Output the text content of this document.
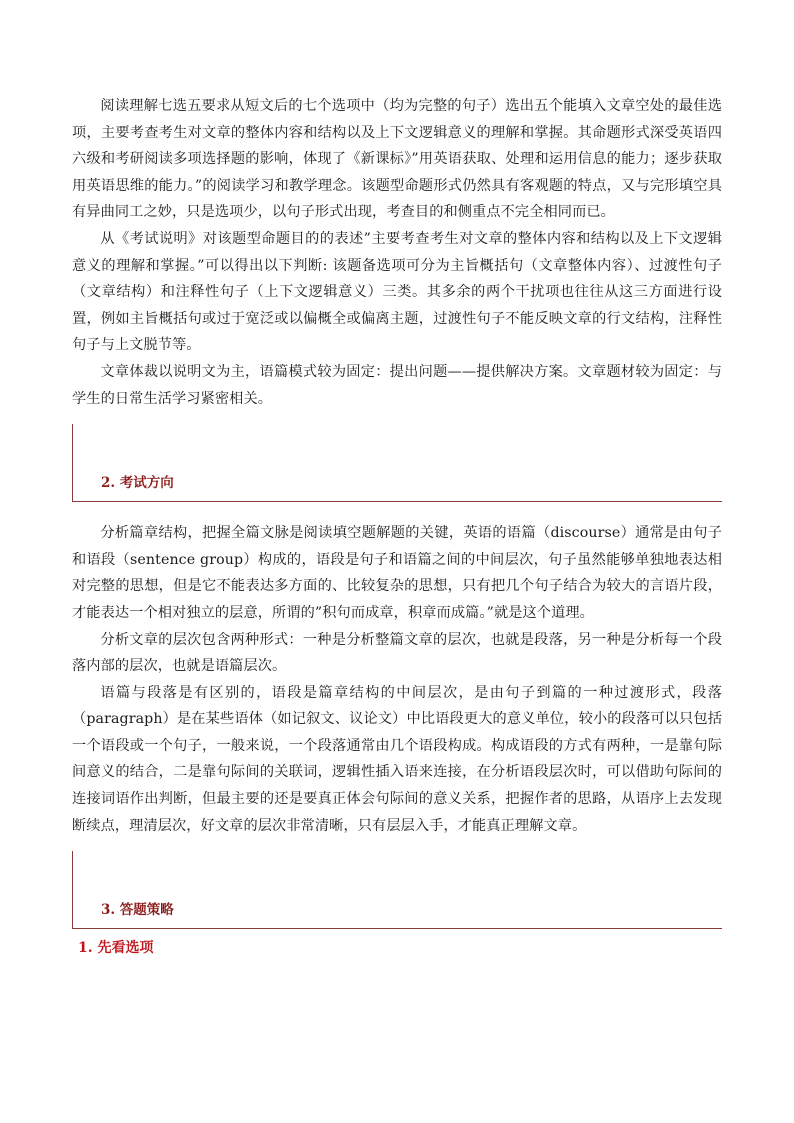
阅读理解七选五要求从短文后的七个选项中（均为完整的句子）选出五个能填入文章空处的最佳选项，主要考查考生对文章的整体内容和结构以及上下文逻辑意义的理解和掌握。其命题形式深受英语四六级和考研阅读多项选择题的影响，体现了《新课标》”用英语获取、处理和运用信息的能力；逐步获取用英语思维的能力。”的阅读学习和教学理念。该题型命题形式仍然具有客观题的特点，又与完形填空具有异曲同工之妙，只是选项少，以句子形式出现，考查目的和侧重点不完全相同而已。

从《考试说明》对该题型命题目的的表述”主要考查考生对文章的整体内容和结构以及上下文逻辑意义的理解和掌握。”可以得出以下判断: 该题备选项可分为主旨概括句（文章整体内容）、过渡性句子（文章结构）和注释性句子（上下文逻辑意义）三类。其多余的两个干扰项也往往从这三方面进行设置，例如主旨概括句或过于宽泛或以偏概全或偏离主题，过渡性句子不能反映文章的行文结构，注释性句子与上文脱节等。

文章体裁以说明文为主，语篇模式较为固定：提出问题——提供解决方案。文章题材较为固定：与学生的日常生活学习紧密相关。

2. 考试方向

分析篇章结构，把握全篇文脉是阅读填空题解题的关键，英语的语篇（discourse）通常是由句子和语段（sentence group）构成的，语段是句子和语篇之间的中间层次，句子虽然能够单独地表达相对完整的思想，但是它不能表达多方面的、比较复杂的思想，只有把几个句子结合为较大的言语片段，才能表达一个相对独立的层意，所谓的”积句而成章，积章而成篇。”就是这个道理。

分析文章的层次包含两种形式：一种是分析整篇文章的层次，也就是段落，另一种是分析每一个段落内部的层次，也就是语篇层次。

语篇与段落是有区别的，语段是篇章结构的中间层次，是由句子到篇的一种过渡形式，段落（paragraph）是在某些语体（如记叙文、议论文）中比语段更大的意义单位，较小的段落可以只包括一个语段或一个句子，一般来说，一个段落通常由几个语段构成。构成语段的方式有两种，一是靠句际间意义的结合，二是靠句际间的关联词，逻辑性插入语来连接，在分析语段层次时，可以借助句际间的连接词语作出判断，但最主要的还是要真正体会句际间的意义关系，把握作者的思路，从语序上去发现断续点，理清层次，好文章的层次非常清晰，只有层层入手，才能真正理解文章。

3. 答题策略
1. 先看选项
